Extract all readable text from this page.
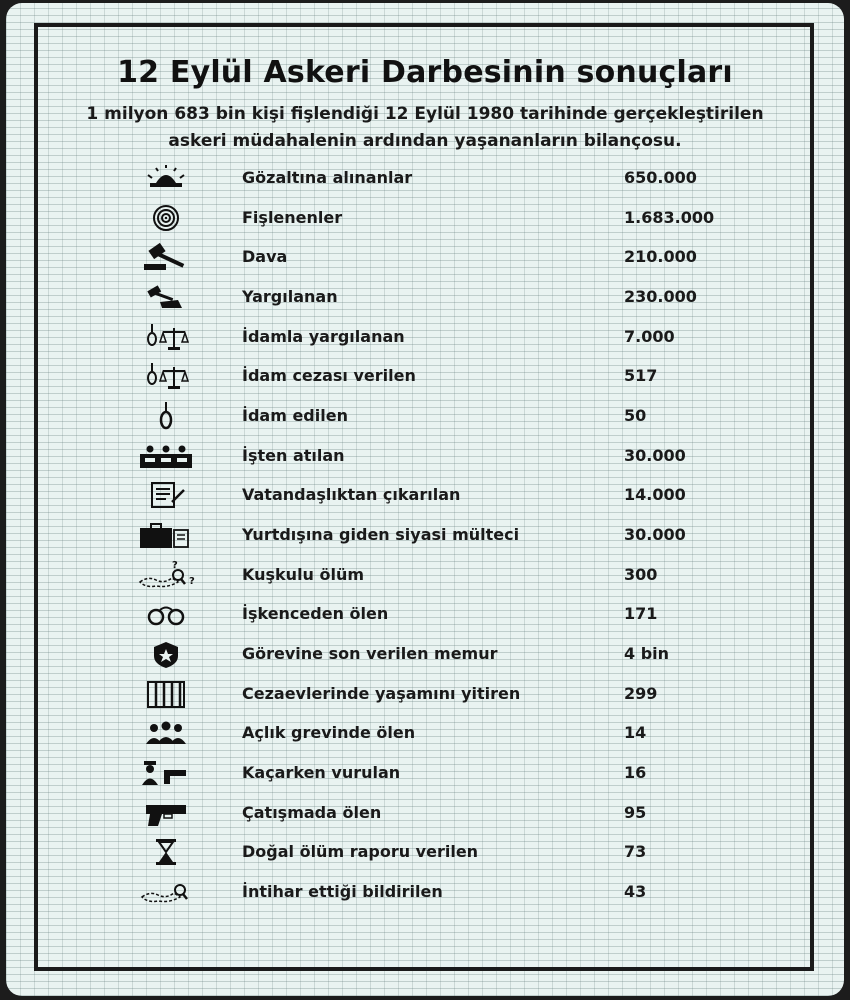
12 Eylül Askeri Darbesinin sonuçları
1 milyon 683 bin kişi fişlendiği 12 Eylül 1980 tarihinde gerçekleştirilen
askeri müdahalenin ardından yaşananların bilançosu.
Gözaltına alınanlar	650.000
Fişlenenler	1.683.000
Dava	210.000
Yargılanan	230.000
İdamla yargılanan	7.000
İdam cezası verilen	517
İdam edilen	50
İşten atılan	30.000
Vatandaşlıktan çıkarılan	14.000
Yurtdışına giden siyasi mülteci	30.000
?
?	Kuşkulu ölüm	300
İşkenceden ölen	171
Görevine son verilen memur	4 bin
Cezaevlerinde yaşamını yitiren	299
Açlık grevinde ölen	14
Kaçarken vurulan	16
Çatışmada ölen	95
Doğal ölüm raporu verilen	73
İntihar ettiği bildirilen	43
